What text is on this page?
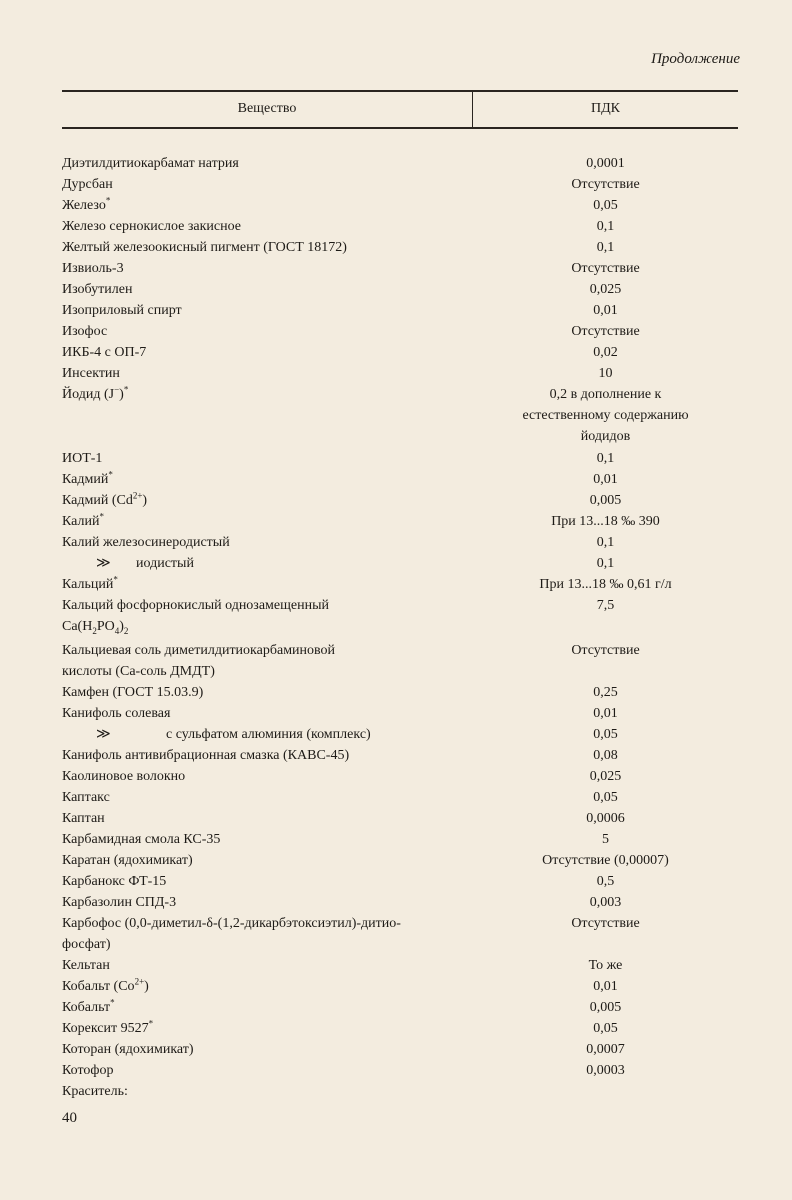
Продолжение
Вещество	ПДК
Диэтилдитиокарбамат натрия	0,0001
Дурсбан	Отсутствие
Железо*	0,05
Железо сернокислое закисное	0,1
Желтый железоокисный пигмент (ГОСТ 18172)	0,1
Извиоль-3	Отсутствие
Изобутилен	0,025
Изоприловый спирт	0,01
Изофос	Отсутствие
ИКБ-4 с ОП-7	0,02
Инсектин	10
Йодид (J−)*	0,2 в дополнение к
естественному содержанию
йодидов
ИОТ-1	0,1
Кадмий*	0,01
Кадмий $(Cd^{2+})$	0,005
Калий*	При 13...18 ‰ 390
Калий железосинеродистый	0,1
≫ иодистый	0,1
Кальций*	При 13...18 ‰ 0,61 г/л
Кальций фосфорнокислый однозамещенный	7,5
$Ca(H_2PO_4)_2$
Кальциевая соль диметилдитиокарбаминовой	Отсутствие
кислоты (Са-соль ДМДТ)
Камфен (ГОСТ 15.03.9)	0,25
Канифоль солевая	0,01
≫	с сульфатом алюминия (комплекс)	0,05
Канифоль антивибрационная смазка (КАВС-45)	0,08
Каолиновое волокно	0,025
Каптакс	0,05
Каптан	0,0006
Карбамидная смола КС-35	5
Каратан (ядохимикат)	Отсутствие (0,00007)
Карбанокс ФТ-15	0,5
Карбазолин СПД-3	0,003
Карбофос (0,0-диметил-δ-(1,2-дикарбэтоксиэтил)-дитио-	Отсутствие
фосфат)
Кельтан	То же
Кобальт $(Co^{2+})$	0,01
Кобальт*	0,005
Корексит 9527*	0,05
Которан (ядохимикат)	0,0007
Котофор	0,0003
Краситель:
40
